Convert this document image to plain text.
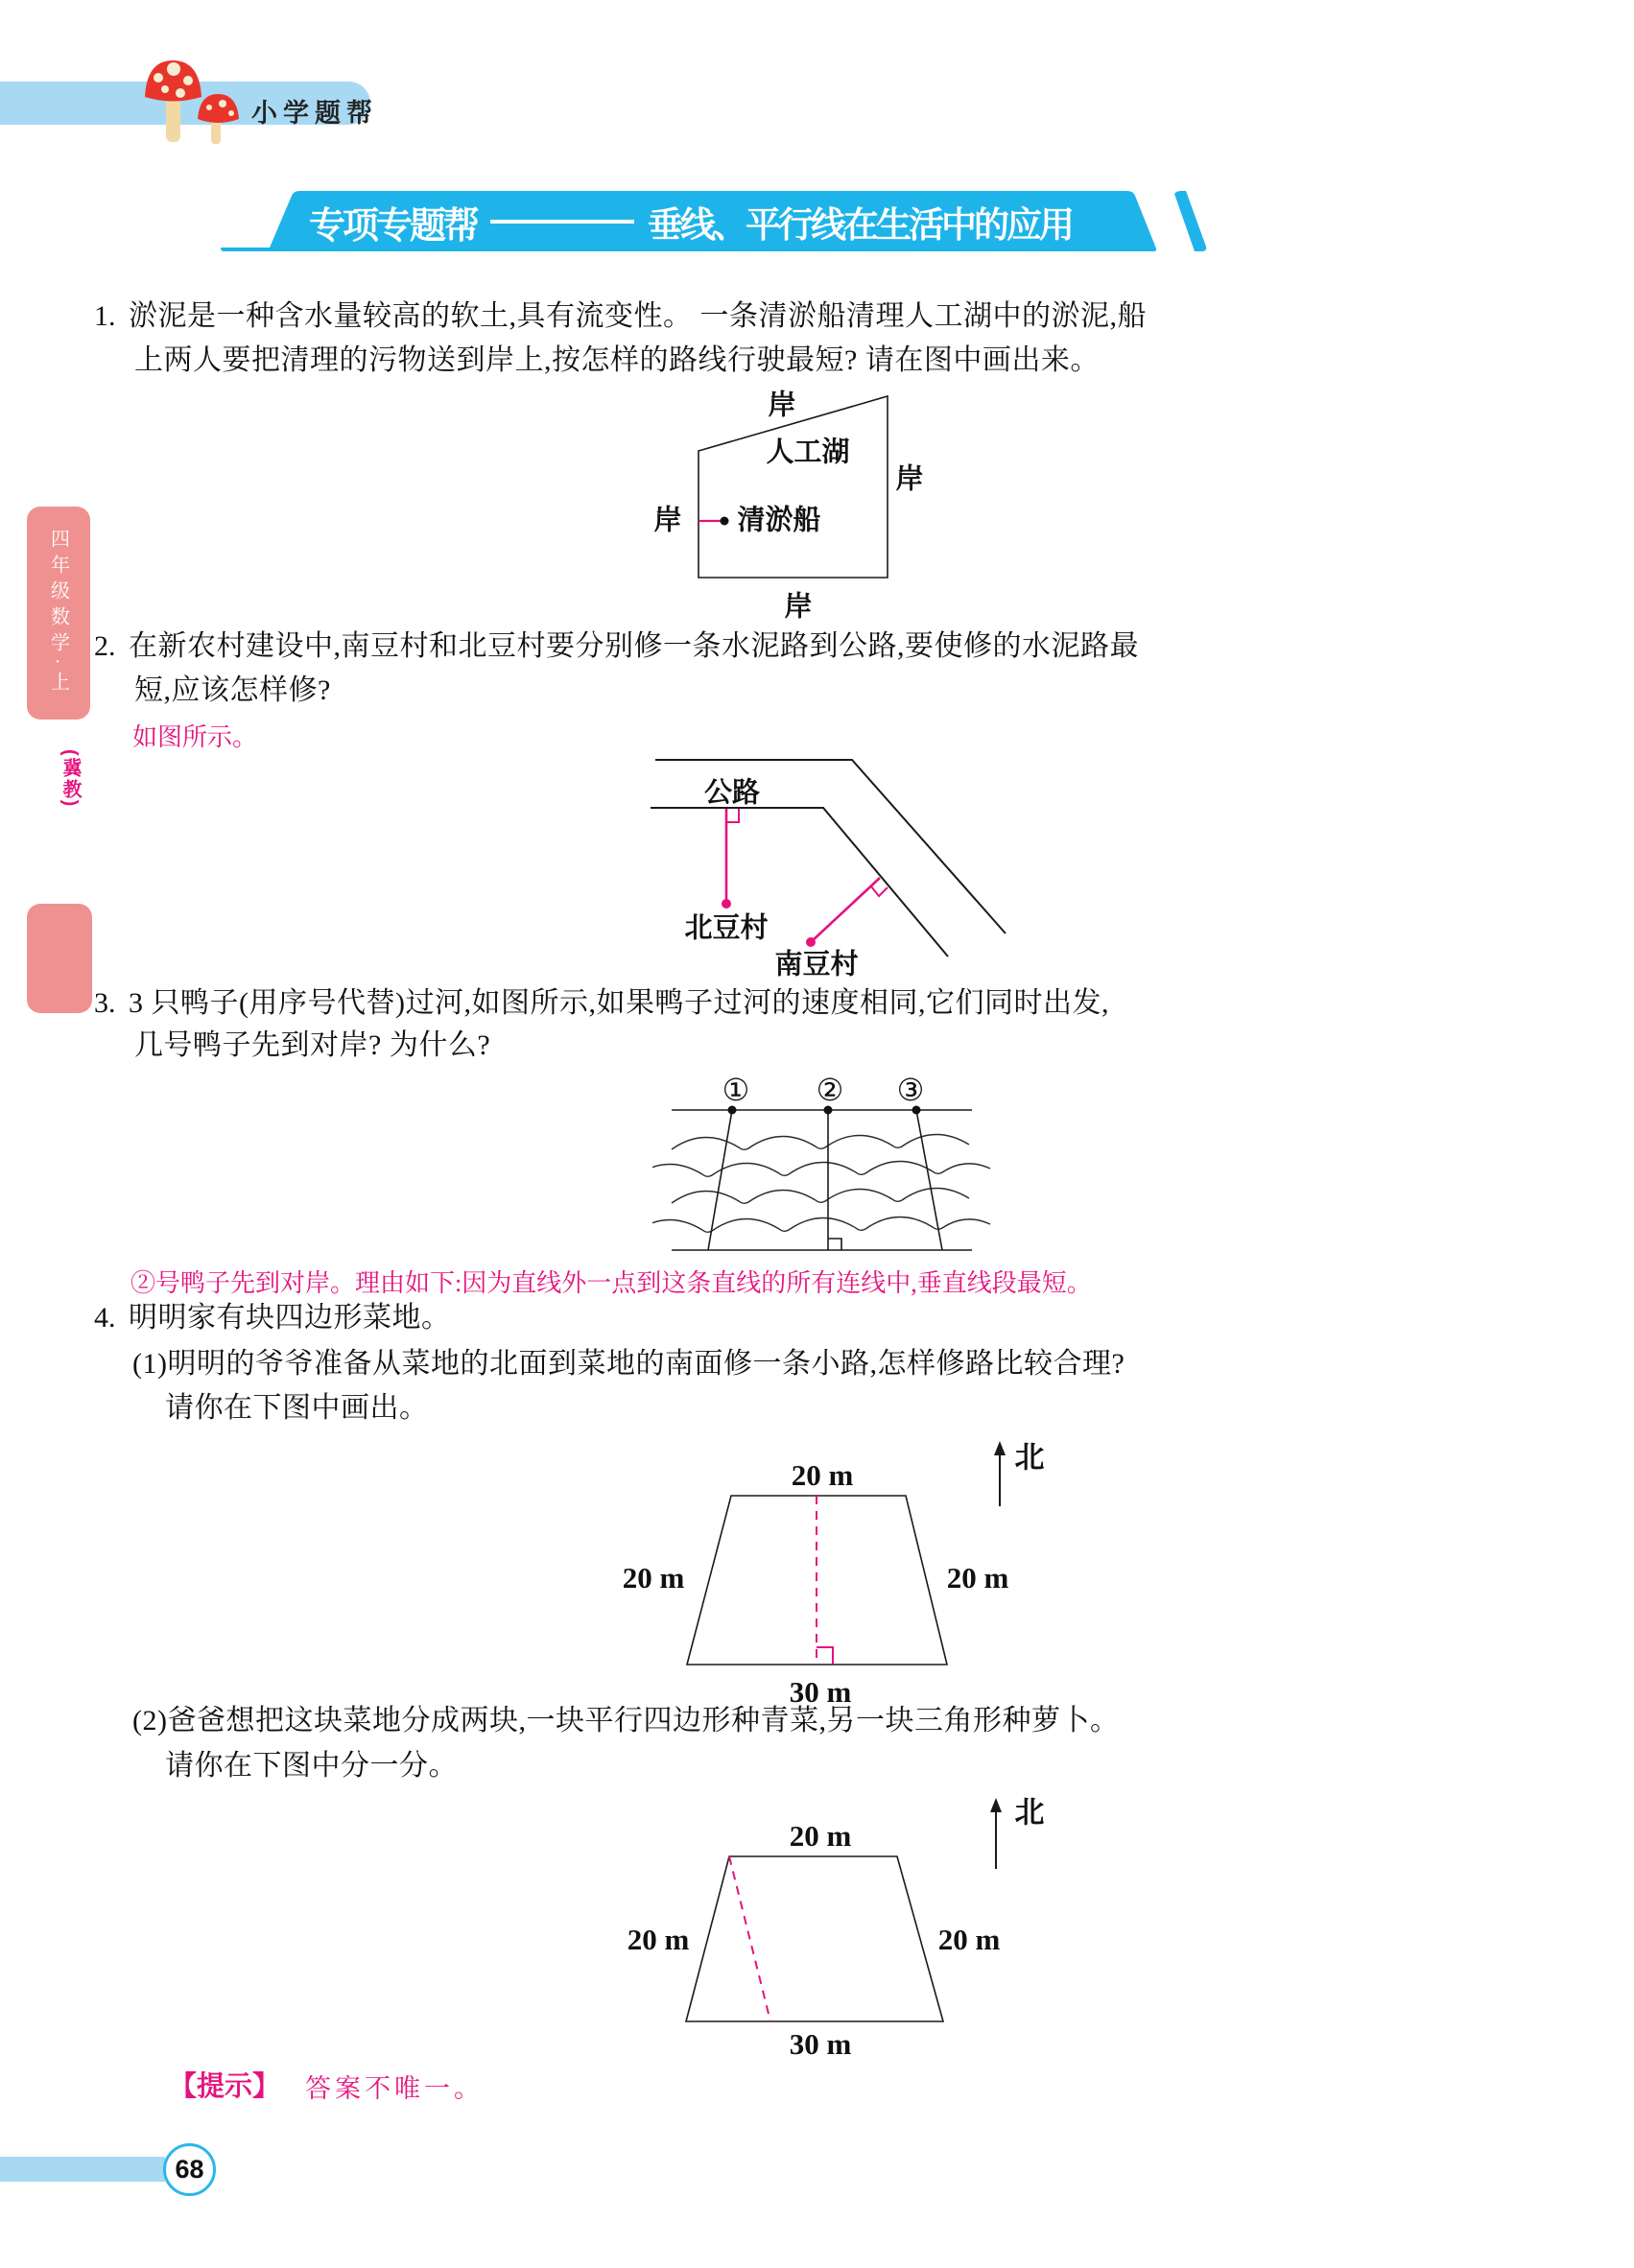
小学题帮
专项专题帮	垂线、平行线在生活中的应用
四年级数学·上
(冀教)
1. 淤泥是一种含水量较高的软土,具有流变性。 一条清淤船清理人工湖中的淤泥,船
上两人要把清理的污物送到岸上,按怎样的路线行驶最短? 请在图中画出来。
岸
人工湖
岸
岸 清淤船
岸
2. 在新农村建设中,南豆村和北豆村要分别修一条水泥路到公路,要使修的水泥路最
短,应该怎样修?
如图所示。
公路
北豆村
南豆村
3. 3 只鸭子(用序号代替)过河,如图所示,如果鸭子过河的速度相同,它们同时出发,
几号鸭子先到对岸? 为什么?
① ② ③
②号鸭子先到对岸。理由如下:因为直线外一点到这条直线的所有连线中,垂直线段最短。
4. 明明家有块四边形菜地。
(1)明明的爷爷准备从菜地的北面到菜地的南面修一条小路,怎样修路比较合理?
请你在下图中画出。
20 m
20 m	20 m
30 m
北
(2)爸爸想把这块菜地分成两块,一块平行四边形种青菜,另一块三角形种萝卜。
请你在下图中分一分。
20 m
20 m	20 m
30 m
北
【提示】 答案不唯一。
68
